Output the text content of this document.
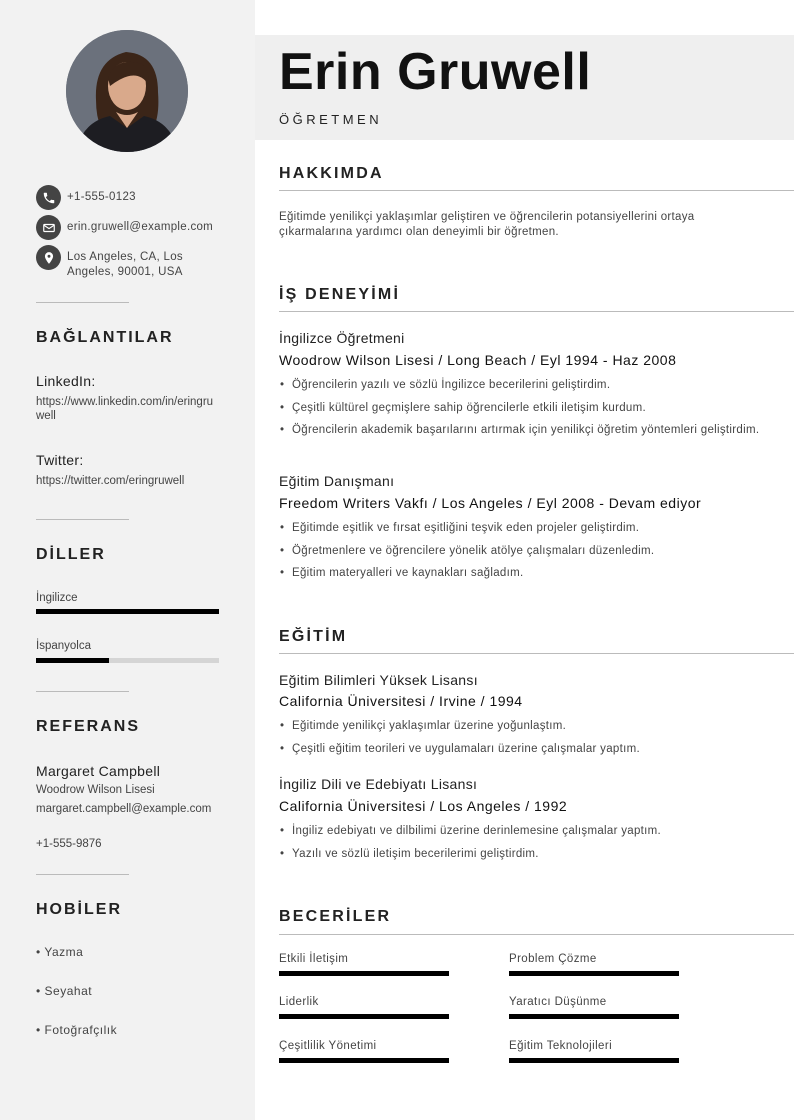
+1-555-0123
erin.gruwell@example.com
Los Angeles, CA, Los Angeles, 90001, USA
BAĞLANTILAR
LinkedIn:
https://www.linkedin.com/in/eringruwell
Twitter:
https://twitter.com/eringruwell
DİLLER
İngilizce
İspanyolca
REFERANS
Margaret Campbell
Woodrow Wilson Lisesi
margaret.campbell@example.com
+1-555-9876
HOBİLER
• Yazma
• Seyahat
• Fotoğrafçılık
Erin Gruwell
ÖĞRETMEN
HAKKIMDA
Eğitimde yenilikçi yaklaşımlar geliştiren ve öğrencilerin potansiyellerini ortaya çıkarmalarına yardımcı olan deneyimli bir öğretmen.
İŞ DENEYİMİ
İngilizce Öğretmeni
Woodrow Wilson Lisesi / Long Beach / Eyl 1994 - Haz 2008
• Öğrencilerin yazılı ve sözlü İngilizce becerilerini geliştirdim.
• Çeşitli kültürel geçmişlere sahip öğrencilerle etkili iletişim kurdum.
• Öğrencilerin akademik başarılarını artırmak için yenilikçi öğretim yöntemleri geliştirdim.
Eğitim Danışmanı
Freedom Writers Vakfı / Los Angeles / Eyl 2008 - Devam ediyor
• Eğitimde eşitlik ve fırsat eşitliğini teşvik eden projeler geliştirdim.
• Öğretmenlere ve öğrencilere yönelik atölye çalışmaları düzenledim.
• Eğitim materyalleri ve kaynakları sağladım.
EĞİTİM
Eğitim Bilimleri Yüksek Lisansı
California Üniversitesi / Irvine / 1994
• Eğitimde yenilikçi yaklaşımlar üzerine yoğunlaştım.
• Çeşitli eğitim teorileri ve uygulamaları üzerine çalışmalar yaptım.
İngiliz Dili ve Edebiyatı Lisansı
California Üniversitesi / Los Angeles / 1992
• İngiliz edebiyatı ve dilbilimi üzerine derinlemesine çalışmalar yaptım.
• Yazılı ve sözlü iletişim becerilerimi geliştirdim.
BECERİLER
Etkili İletişim	Problem Çözme
Liderlik	Yaratıcı Düşünme
Çeşitlilik Yönetimi	Eğitim Teknolojileri
